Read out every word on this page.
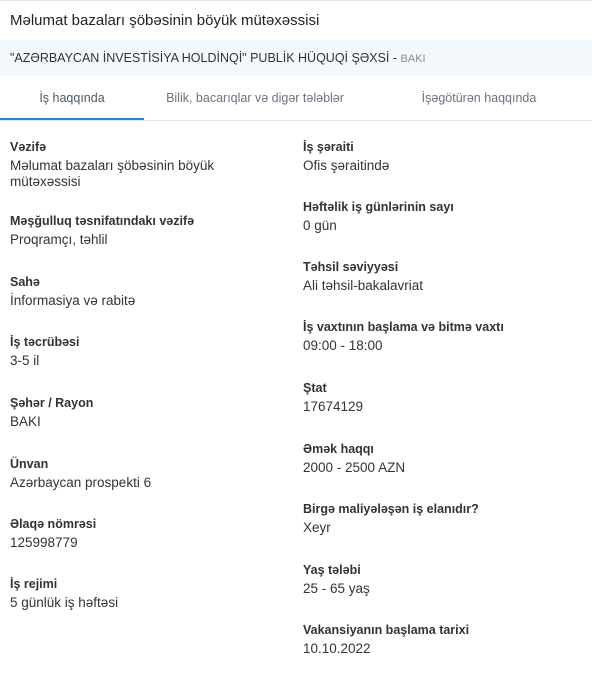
Məlumat bazaları şöbəsinin böyük mütəxəssisi
"AZƏRBAYCAN İNVESTİSİYA HOLDİNQİ" PUBLİK HÜQUQİ ŞƏXSİ - BAKI
İş haqqında	Bilik, bacarıqlar və digər tələblər	İşəgötürən haqqında
Vəzifə
Məlumat bazaları şöbəsinin böyük mütəxəssisi
Məşğulluq təsnifatındakı vəzifə
Proqramçı, təhlil
Sahə
İnformasiya və rabitə
İş təcrübəsi
3-5 il
Şəhər / Rayon
BAKI
Ünvan
Azərbaycan prospekti 6
Əlaqə nömrəsi
125998779
İş rejimi
5 günlük iş həftəsi
İş şəraiti
Ofis şəraitində
Həftəlik iş günlərinin sayı
0 gün
Təhsil səviyyəsi
Ali təhsil-bakalavriat
İş vaxtının başlama və bitmə vaxtı
09:00 - 18:00
Ştat
17674129
Əmək haqqı
2000 - 2500 AZN
Birgə maliyələşən iş elanıdır?
Xeyr
Yaş tələbi
25 - 65 yaş
Vakansiyanın başlama tarixi
10.10.2022
